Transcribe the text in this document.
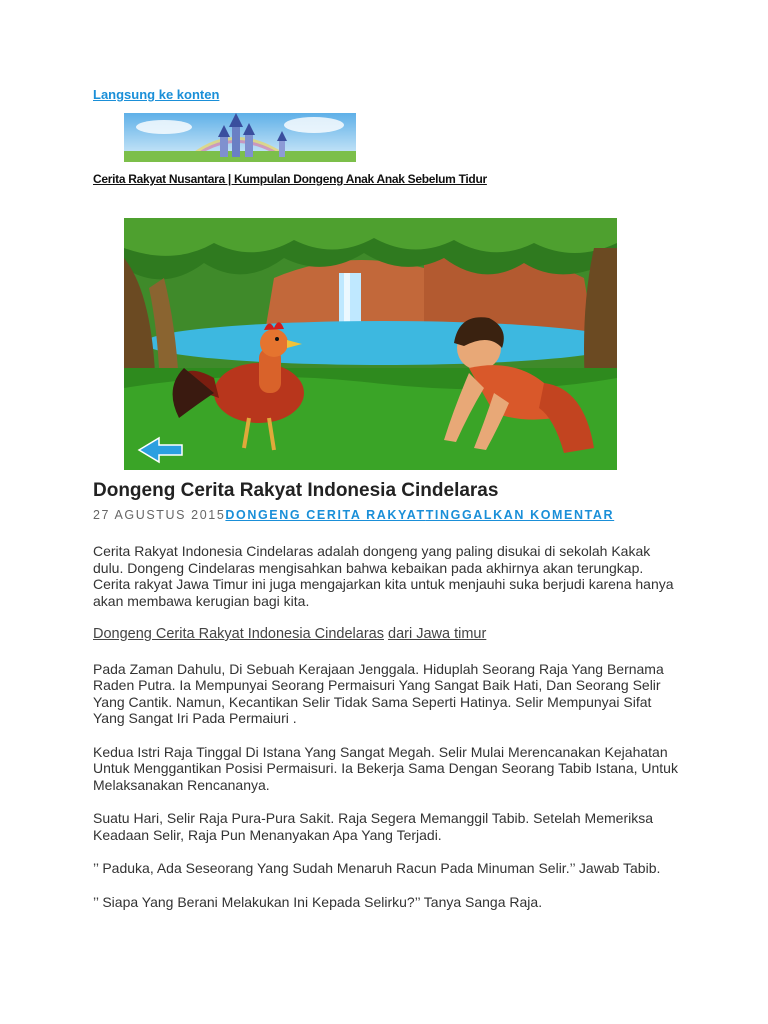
Langsung ke konten
Cerita Rakyat Nusantara | Kumpulan Dongeng Anak Anak Sebelum Tidur
Dongeng Cerita Rakyat Indonesia Cindelaras
27 AGUSTUS 2015DONGENG CERITA RAKYATTINGGALKAN KOMENTAR

Cerita Rakyat Indonesia Cindelaras adalah dongeng yang paling disukai di sekolah Kakak dulu. Dongeng Cindelaras mengisahkan bahwa kebaikan pada akhirnya akan terungkap. Cerita rakyat Jawa Timur ini juga mengajarkan kita untuk menjauhi suka berjudi karena hanya akan membawa kerugian bagi kita.

Dongeng Cerita Rakyat Indonesia Cindelaras dari Jawa timur

Pada Zaman Dahulu, Di Sebuah Kerajaan Jenggala. Hiduplah Seorang Raja Yang Bernama Raden Putra. Ia Mempunyai Seorang Permaisuri Yang Sangat Baik Hati, Dan Seorang Selir Yang Cantik. Namun, Kecantikan Selir Tidak Sama Seperti Hatinya. Selir Mempunyai Sifat Yang Sangat Iri Pada Permaiuri .

Kedua Istri Raja Tinggal Di Istana Yang Sangat Megah. Selir Mulai Merencanakan Kejahatan Untuk Menggantikan Posisi Permaisuri. Ia Bekerja Sama Dengan Seorang Tabib Istana, Untuk Melaksanakan Rencananya.

Suatu Hari, Selir Raja Pura-Pura Sakit. Raja Segera Memanggil Tabib. Setelah Memeriksa Keadaan Selir, Raja Pun Menanyakan Apa Yang Terjadi.

’’ Paduka, Ada Seseorang Yang Sudah Menaruh Racun Pada Minuman Selir.’’ Jawab Tabib.

’’ Siapa Yang Berani Melakukan Ini Kepada Selirku?’’ Tanya Sanga Raja.
